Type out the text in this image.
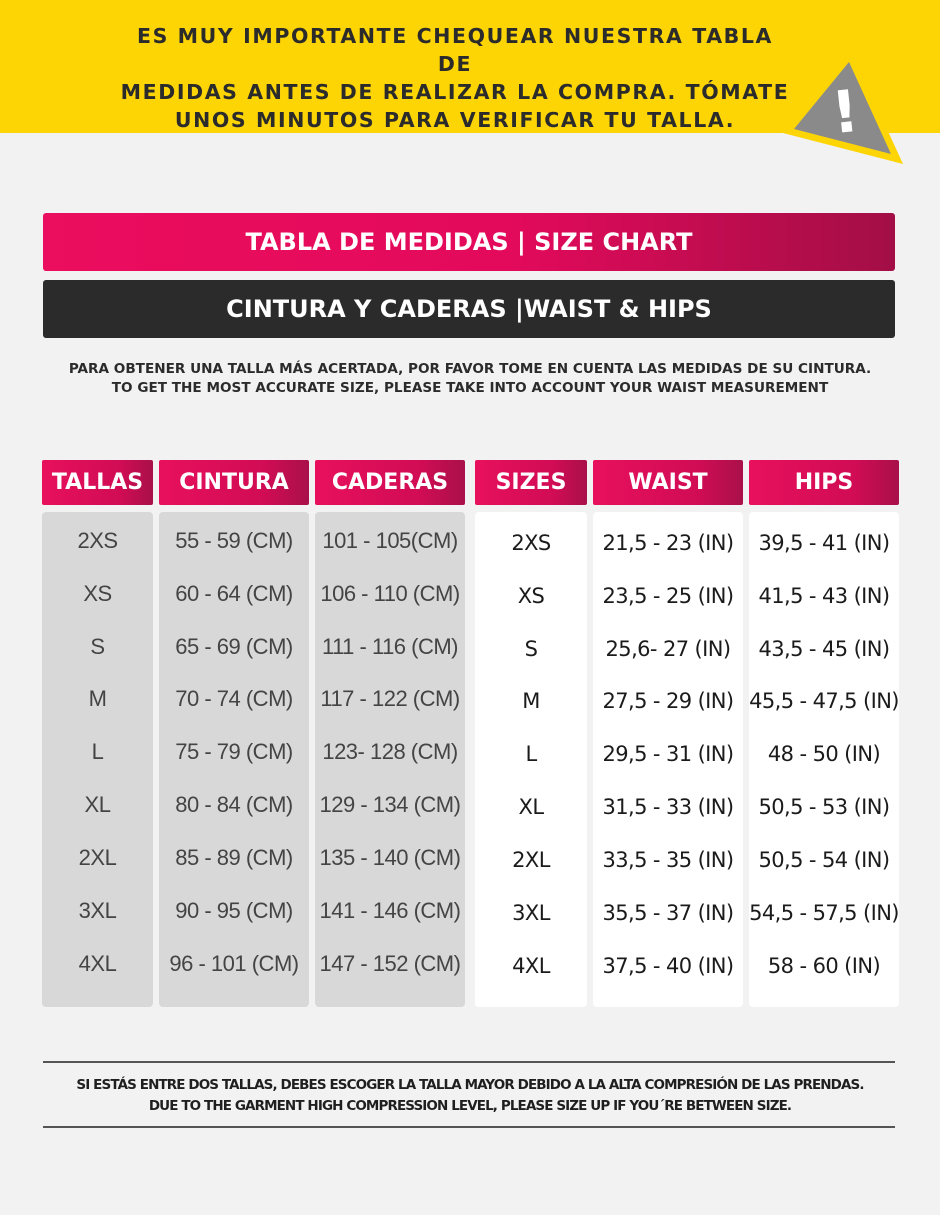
ES MUY IMPORTANTE CHEQUEAR NUESTRA TABLA DE
MEDIDAS ANTES DE REALIZAR LA COMPRA. TÓMATE
UNOS MINUTOS PARA VERIFICAR TU TALLA.	!
TABLA DE MEDIDAS | SIZE CHART
CINTURA Y CADERAS |WAIST & HIPS
PARA OBTENER UNA TALLA MÁS ACERTADA, POR FAVOR TOME EN CUENTA LAS MEDIDAS DE SU CINTURA.
TO GET THE MOST ACCURATE SIZE, PLEASE TAKE INTO ACCOUNT YOUR WAIST MEASUREMENT
TALLAS
2XS
XS
S
M
L
XL
2XL
3XL
4XL
CINTURA
55 - 59 (CM)
60 - 64 (CM)
65 - 69 (CM)
70 - 74 (CM)
75 - 79 (CM)
80 - 84 (CM)
85 - 89 (CM)
90 - 95 (CM)
96 - 101 (CM)
CADERAS
101 - 105(CM)
106 - 110 (CM)
111 - 116 (CM)
117 - 122 (CM)
123- 128 (CM)
129 - 134 (CM)
135 - 140 (CM)
141 - 146 (CM)
147 - 152 (CM)
SIZES
2XS
XS
S
M
L
XL
2XL
3XL
4XL
WAIST
21,5 - 23 (IN)
23,5 - 25 (IN)
25,6- 27 (IN)
27,5 - 29 (IN)
29,5 - 31 (IN)
31,5 - 33 (IN)
33,5 - 35 (IN)
35,5 - 37 (IN)
37,5 - 40 (IN)
HIPS
39,5 - 41 (IN)
41,5 - 43 (IN)
43,5 - 45 (IN)
45,5 - 47,5 (IN)
48 - 50 (IN)
50,5 - 53 (IN)
50,5 - 54 (IN)
54,5 - 57,5 (IN)
58 - 60 (IN)
SI ESTÁS ENTRE DOS TALLAS, DEBES ESCOGER LA TALLA MAYOR DEBIDO A LA ALTA COMPRESIÓN DE LAS PRENDAS.
DUE TO THE GARMENT HIGH COMPRESSION LEVEL, PLEASE SIZE UP IF YOU´RE BETWEEN SIZE.
